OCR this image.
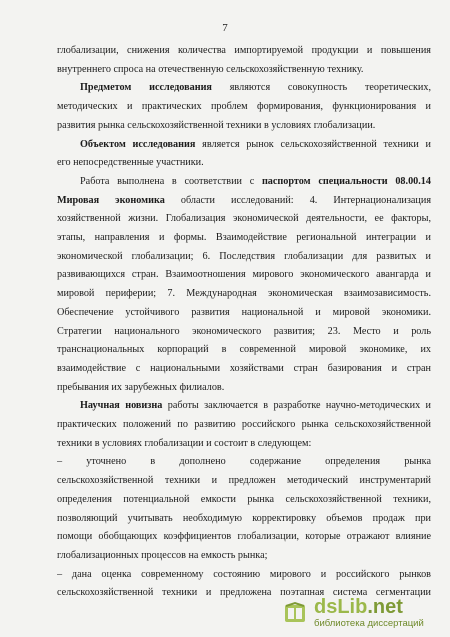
7
глобализации, снижения количества импортируемой продукции и повышения
внутреннего спроса на отечественную сельскохозяйственную технику.
Предметом исследования являются совокупность теоретических,
методических и практических проблем формирования, функционирования и
развития рынка сельскохозяйственной техники в условиях глобализации.
Объектом исследования является рынок сельскохозяйственной техники и
его непосредственные участники.
Работа выполнена в соответствии с паспортом специальности 08.00.14
Мировая экономика области исследований: 4. Интернационализация
хозяйственной жизни. Глобализация экономической деятельности, ее факторы,
этапы, направления и формы. Взаимодействие региональной интеграции и
экономической глобализации; 6. Последствия глобализации для развитых и
развивающихся стран. Взаимоотношения мирового экономического авангарда и
мировой периферии; 7. Международная экономическая взаимозависимость.
Обеспечение устойчивого развития национальной и мировой экономики.
Стратегии национального экономического развития; 23. Место и роль
транснациональных корпораций в современной мировой экономике, их
взаимодействие с национальными хозяйствами стран базирования и стран
пребывания их зарубежных филиалов.
Научная новизна работы заключается в разработке научно-методических и
практических положений по развитию российского рынка сельскохозяйственной
техники в условиях глобализации и состоит в следующем:
– уточнено в дополнено содержание определения рынка
сельскохозяйственной техники и предложен методический инструментарий
определения потенциальной емкости рынка сельскохозяйственной техники,
позволяющий учитывать необходимую корректировку объемов продаж при
помощи обобщающих коэффициентов глобализации, которые отражают влияние
глобализационных процессов на емкость рынка;
– дана оценка современному состоянию мирового и российского рынков
сельскохозяйственной техники и предложена поэтапная система сегментации
dsLib.net
библиотека диссертаций
